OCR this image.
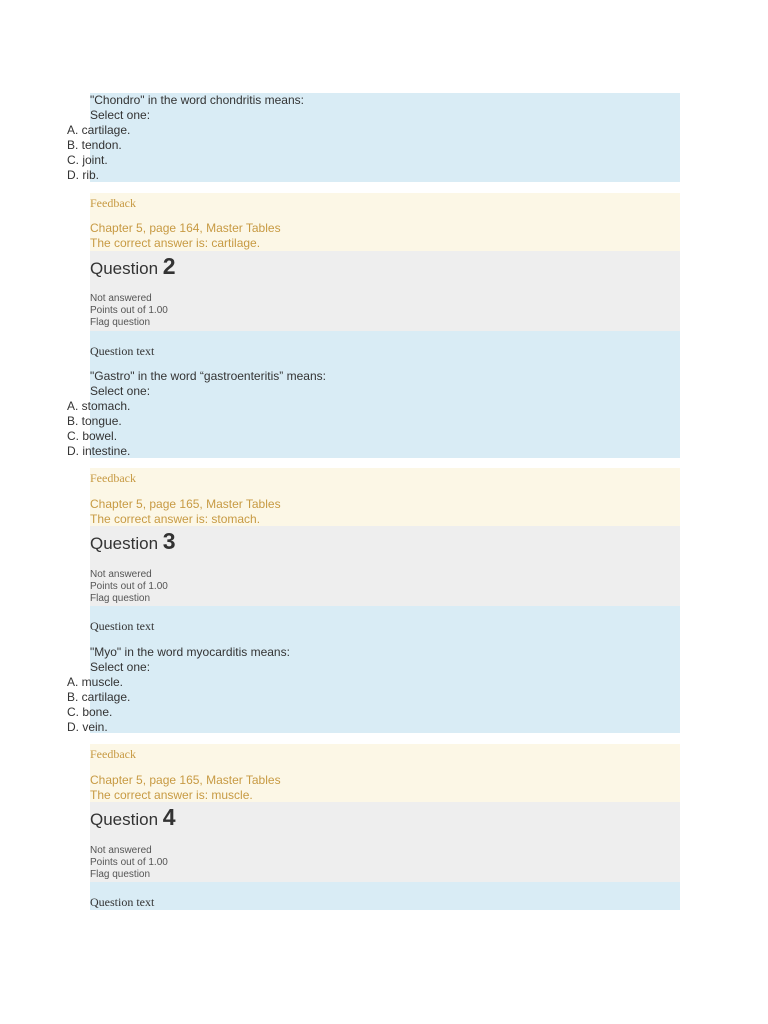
"Chondro" in the word chondritis means:
Select one:
A. cartilage.
B. tendon.
C. joint.
D. rib.
Feedback
Chapter 5, page 164, Master Tables
The correct answer is: cartilage.
Question 2
Not answered
Points out of 1.00
Flag question
Question text
"Gastro" in the word “gastroenteritis” means:
Select one:
A. stomach.
B. tongue.
C. bowel.
D. intestine.
Feedback
Chapter 5, page 165, Master Tables
The correct answer is: stomach.
Question 3
Not answered
Points out of 1.00
Flag question
Question text
"Myo" in the word myocarditis means:
Select one:
A. muscle.
B. cartilage.
C. bone.
D. vein.
Feedback
Chapter 5, page 165, Master Tables
The correct answer is: muscle.
Question 4
Not answered
Points out of 1.00
Flag question
Question text
